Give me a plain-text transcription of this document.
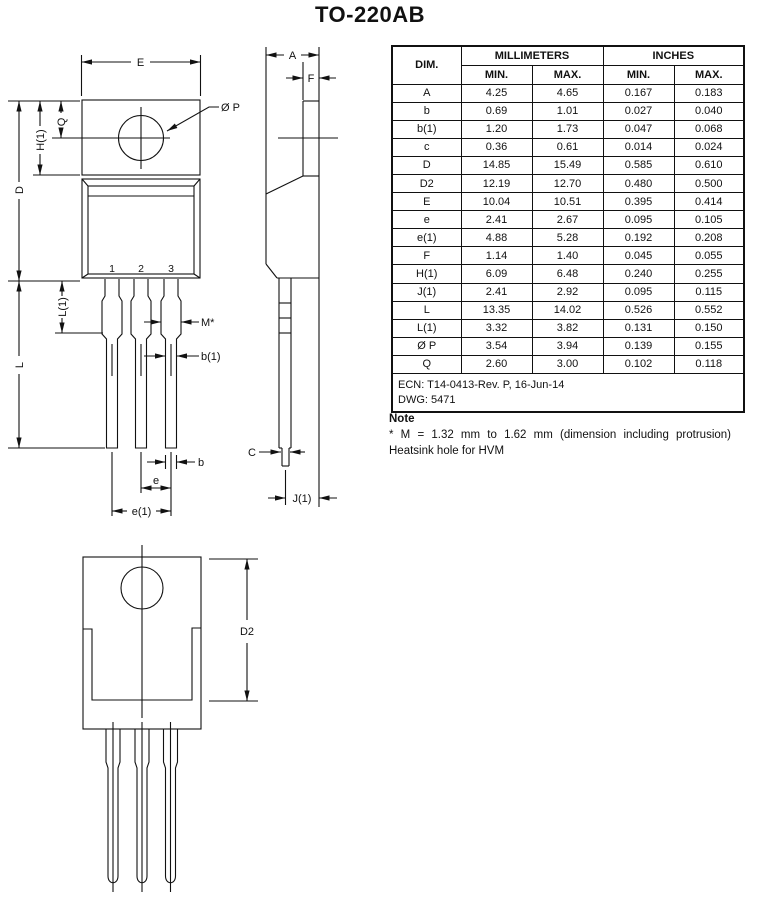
TO-220AB
1 2 3
E
Ø P
D
H(1)
Q
L
L(1)
M*
b(1)
b
e
e(1)
A
F
C
J(1)
D2
DIM.	MILLIMETERS		INCHES	
	MIN.	MAX.	MIN.	MAX.
A	4.25	4.65	0.167	0.183
b	0.69	1.01	0.027	0.040
b(1)	1.20	1.73	0.047	0.068
c	0.36	0.61	0.014	0.024
D	14.85	15.49	0.585	0.610
D2	12.19	12.70	0.480	0.500
E	10.04	10.51	0.395	0.414
e	2.41	2.67	0.095	0.105
e(1)	4.88	5.28	0.192	0.208
F	1.14	1.40	0.045	0.055
H(1)	6.09	6.48	0.240	0.255
J(1)	2.41	2.92	0.095	0.115
L	13.35	14.02	0.526	0.552
L(1)	3.32	3.82	0.131	0.150
Ø P	3.54	3.94	0.139	0.155
Q	2.60	3.00	0.102	0.118

ECN: T14-0413-Rev. P, 16-Jun-14
DWG: 5471				
Note
* M = 1.32 mm to 1.62 mm (dimension including protrusion)
Heatsink hole for HVM
